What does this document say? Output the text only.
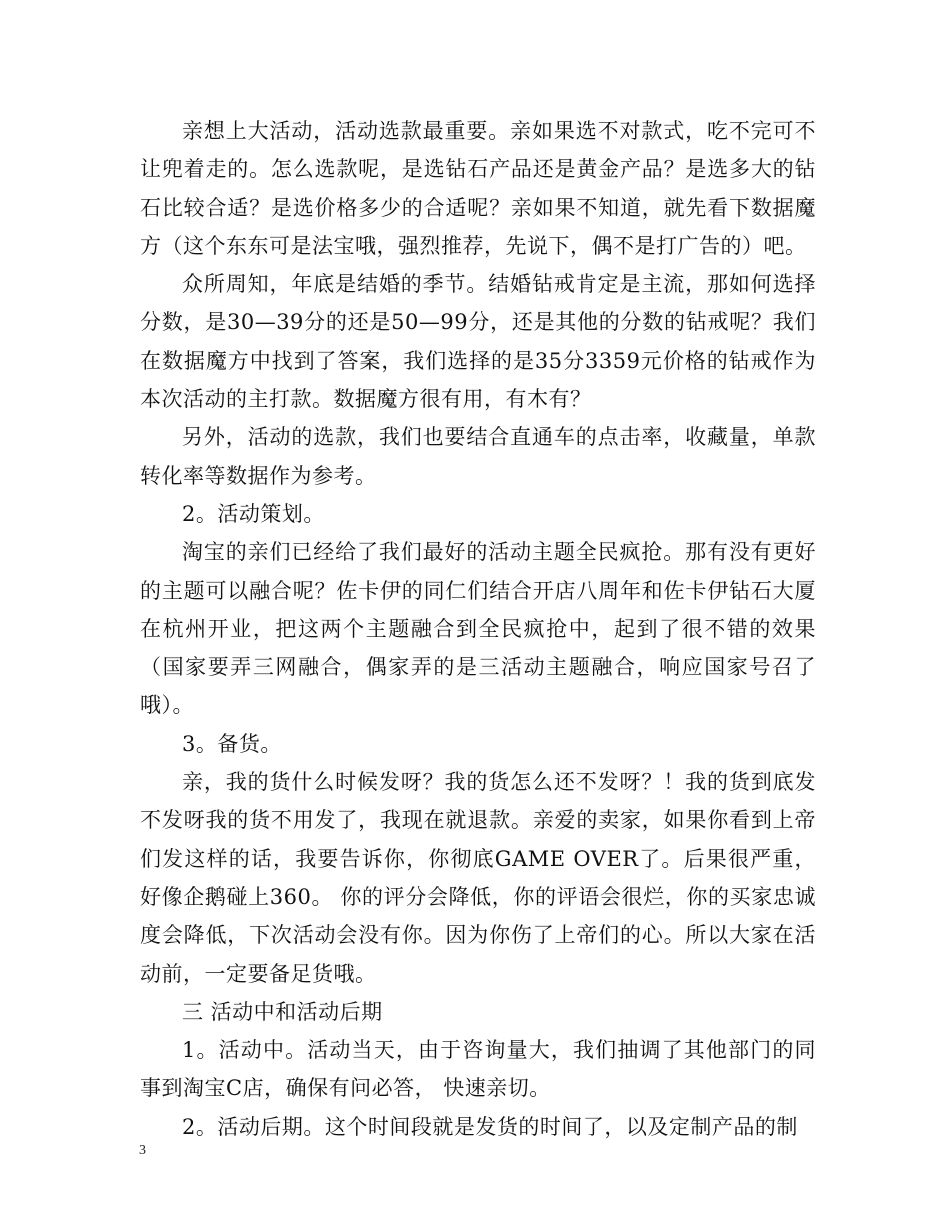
亲想上大活动，活动选款最重要。亲如果选不对款式，吃不完可不让兜着走的。怎么选款呢，是选钻石产品还是黄金产品？是选多大的钻石比较合适？是选价格多少的合适呢？亲如果不知道，就先看下数据魔方（这个东东可是法宝哦，强烈推荐，先说下，偶不是打广告的）吧。

众所周知，年底是结婚的季节。结婚钻戒肯定是主流，那如何选择分数，是30—39分的还是50—99分，还是其他的分数的钻戒呢？我们在数据魔方中找到了答案，我们选择的是35分3359元价格的钻戒作为本次活动的主打款。数据魔方很有用，有木有？

另外，活动的选款，我们也要结合直通车的点击率，收藏量，单款转化率等数据作为参考。

2。活动策划。

淘宝的亲们已经给了我们最好的活动主题全民疯抢。那有没有更好的主题可以融合呢？佐卡伊的同仁们结合开店八周年和佐卡伊钻石大厦在杭州开业，把这两个主题融合到全民疯抢中，起到了很不错的效果（国家要弄三网融合，偶家弄的是三活动主题融合，响应国家号召了哦）。

3。备货。

亲，我的货什么时候发呀？我的货怎么还不发呀？！我的货到底发不发呀我的货不用发了，我现在就退款。亲爱的卖家，如果你看到上帝们发这样的话，我要告诉你，你彻底GAME OVER了。后果很严重，好像企鹅碰上360。 你的评分会降低，你的评语会很烂，你的买家忠诚度会降低，下次活动会没有你。因为你伤了上帝们的心。所以大家在活动前，一定要备足货哦。

三 活动中和活动后期

1。活动中。活动当天，由于咨询量大，我们抽调了其他部门的同事到淘宝C店，确保有问必答， 快速亲切。

2。活动后期。这个时间段就是发货的时间了，以及定制产品的制

3
